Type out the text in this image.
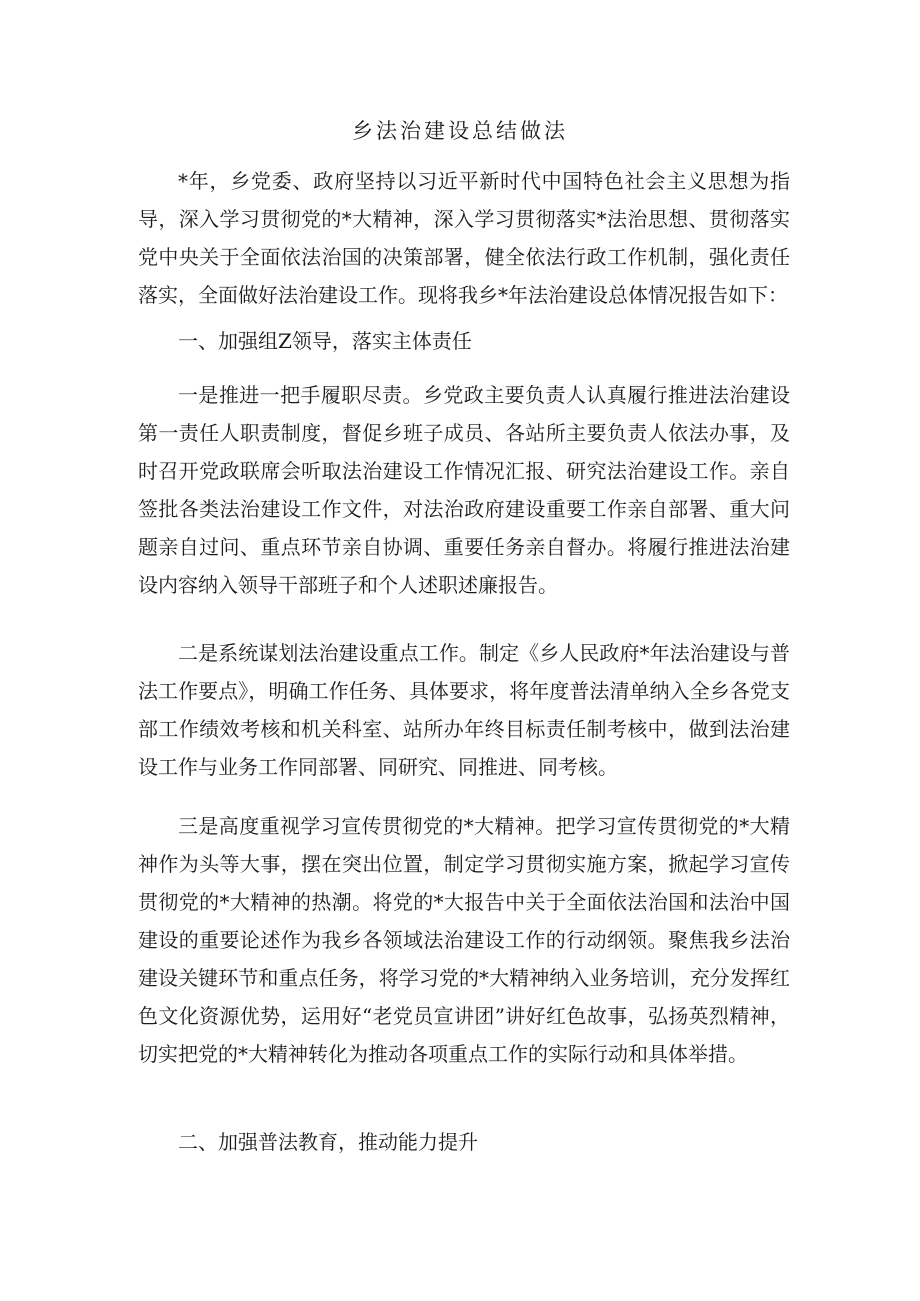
乡法治建设总结做法

*年，乡党委、政府坚持以习近平新时代中国特色社会主义思想为指导，深入学习贯彻党的*大精神，深入学习贯彻落实*法治思想、贯彻落实党中央关于全面依法治国的决策部署，健全依法行政工作机制，强化责任落实，全面做好法治建设工作。现将我乡*年法治建设总体情况报告如下：

一、加强组Z领导，落实主体责任

一是推进一把手履职尽责。乡党政主要负责人认真履行推进法治建设第一责任人职责制度，督促乡班子成员、各站所主要负责人依法办事，及时召开党政联席会听取法治建设工作情况汇报、研究法治建设工作。亲自签批各类法治建设工作文件，对法治政府建设重要工作亲自部署、重大问题亲自过问、重点环节亲自协调、重要任务亲自督办。将履行推进法治建设内容纳入领导干部班子和个人述职述廉报告。

二是系统谋划法治建设重点工作。制定《乡人民政府*年法治建设与普法工作要点》，明确工作任务、具体要求，将年度普法清单纳入全乡各党支部工作绩效考核和机关科室、站所办年终目标责任制考核中，做到法治建设工作与业务工作同部署、同研究、同推进、同考核。

三是高度重视学习宣传贯彻党的*大精神。把学习宣传贯彻党的*大精神作为头等大事，摆在突出位置，制定学习贯彻实施方案，掀起学习宣传贯彻党的*大精神的热潮。将党的*大报告中关于全面依法治国和法治中国建设的重要论述作为我乡各领域法治建设工作的行动纲领。聚焦我乡法治建设关键环节和重点任务，将学习党的*大精神纳入业务培训，充分发挥红色文化资源优势，运用好“老党员宣讲团”讲好红色故事，弘扬英烈精神，切实把党的*大精神转化为推动各项重点工作的实际行动和具体举措。

二、加强普法教育，推动能力提升
